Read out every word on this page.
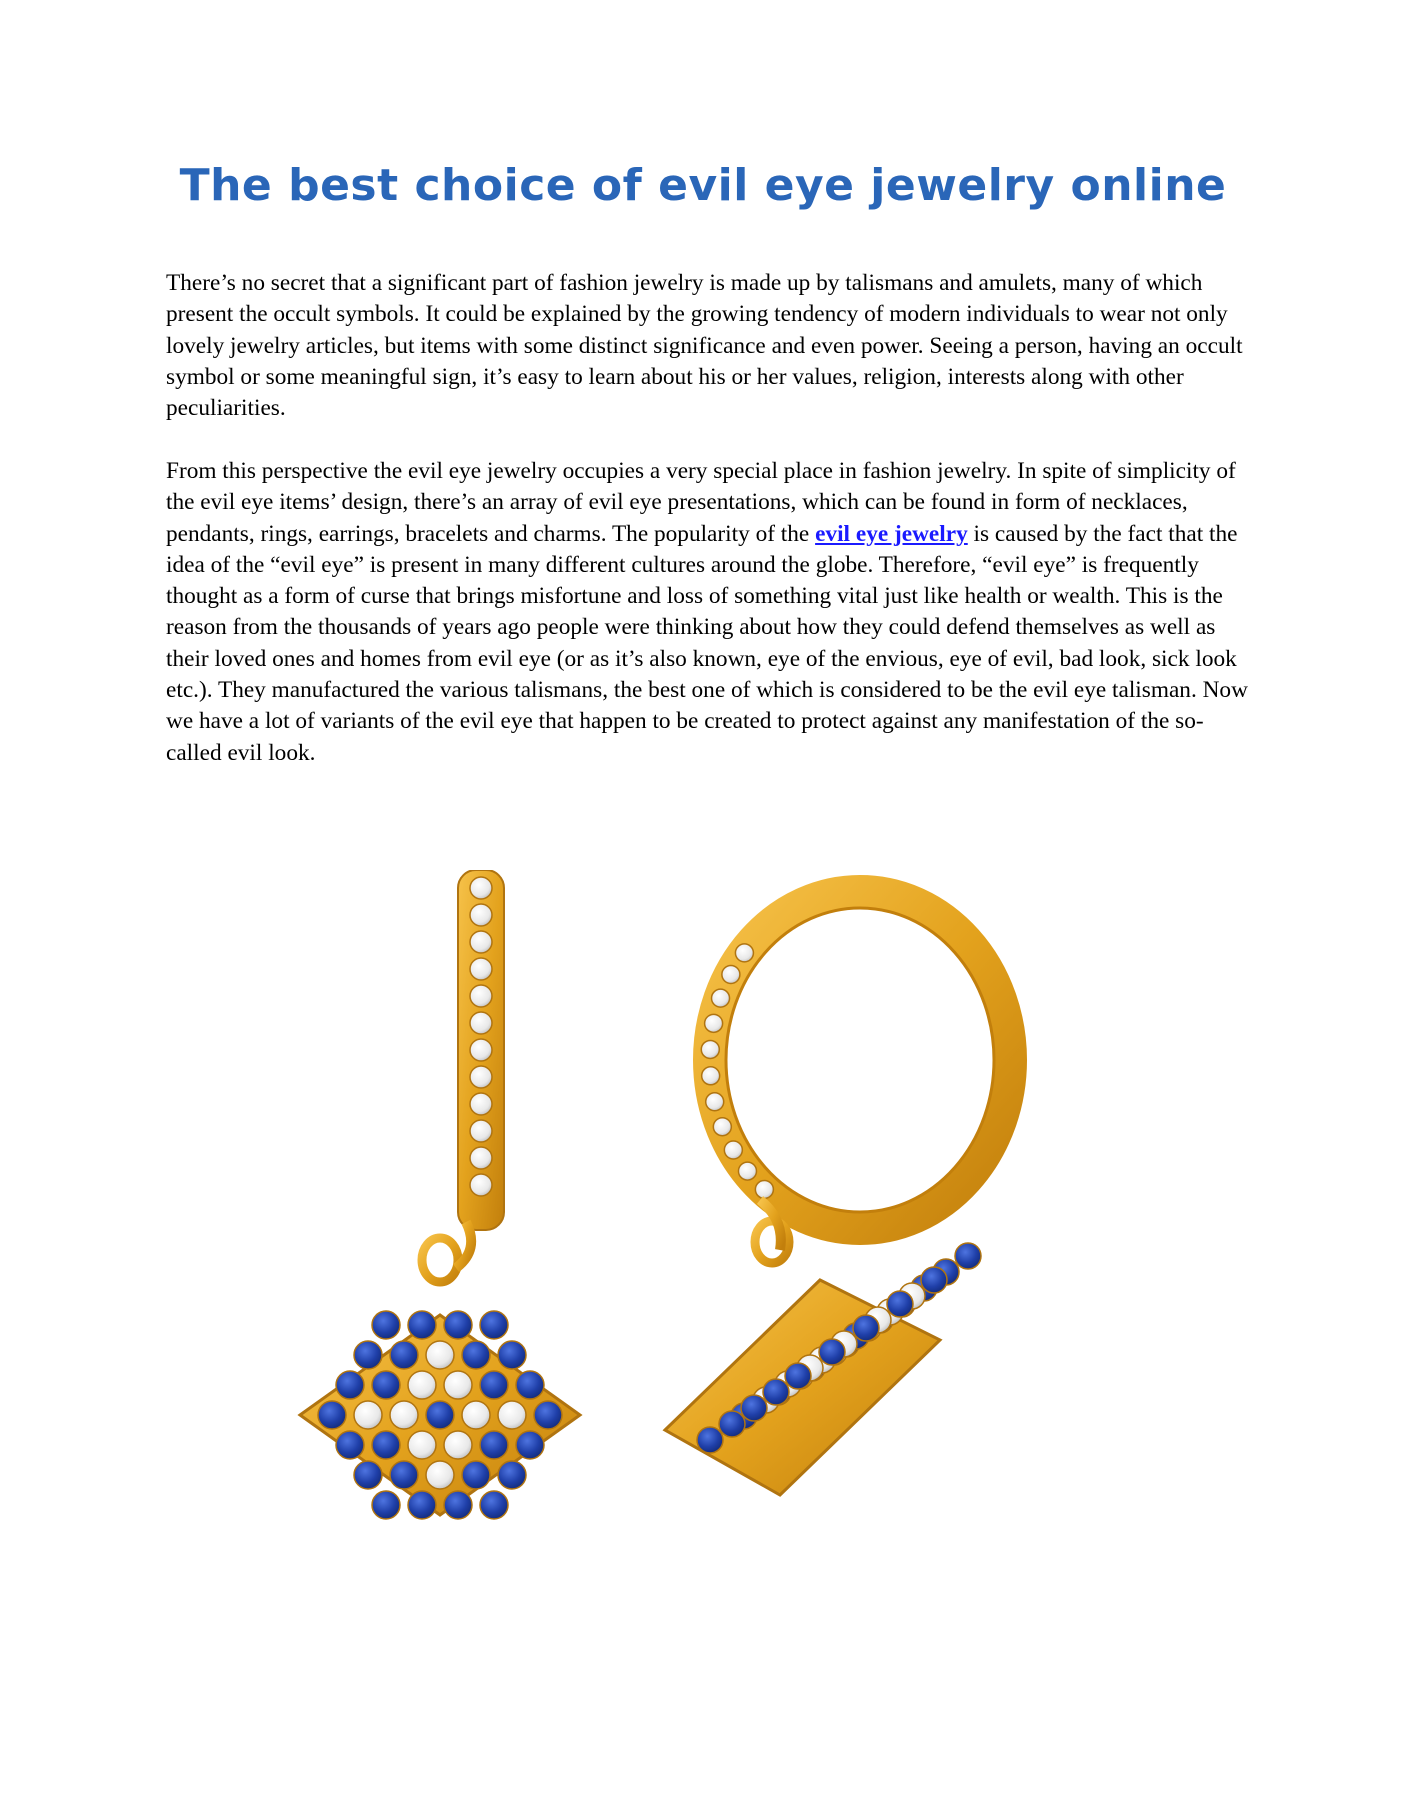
The best choice of evil eye jewelry online

There’s no secret that a significant part of fashion jewelry is made up by talismans and amulets, many of which present the occult symbols. It could be explained by the growing tendency of modern individuals to wear not only lovely jewelry articles, but items with some distinct significance and even power. Seeing a person, having an occult symbol or some meaningful sign, it’s easy to learn about his or her values, religion, interests along with other peculiarities.

From this perspective the evil eye jewelry occupies a very special place in fashion jewelry. In spite of simplicity of the evil eye items’ design, there’s an array of evil eye presentations, which can be found in form of necklaces, pendants, rings, earrings, bracelets and charms. The popularity of the evil eye jewelry is caused by the fact that the idea of the “evil eye” is present in many different cultures around the globe. Therefore, “evil eye” is frequently thought as a form of curse that brings misfortune and loss of something vital just like health or wealth. This is the reason from the thousands of years ago people were thinking about how they could defend themselves as well as their loved ones and homes from evil eye (or as it’s also known, eye of the envious, eye of evil, bad look, sick look etc.). They manufactured the various talismans, the best one of which is considered to be the evil eye talisman. Now we have a lot of variants of the evil eye that happen to be created to protect against any manifestation of the so-called evil look.
